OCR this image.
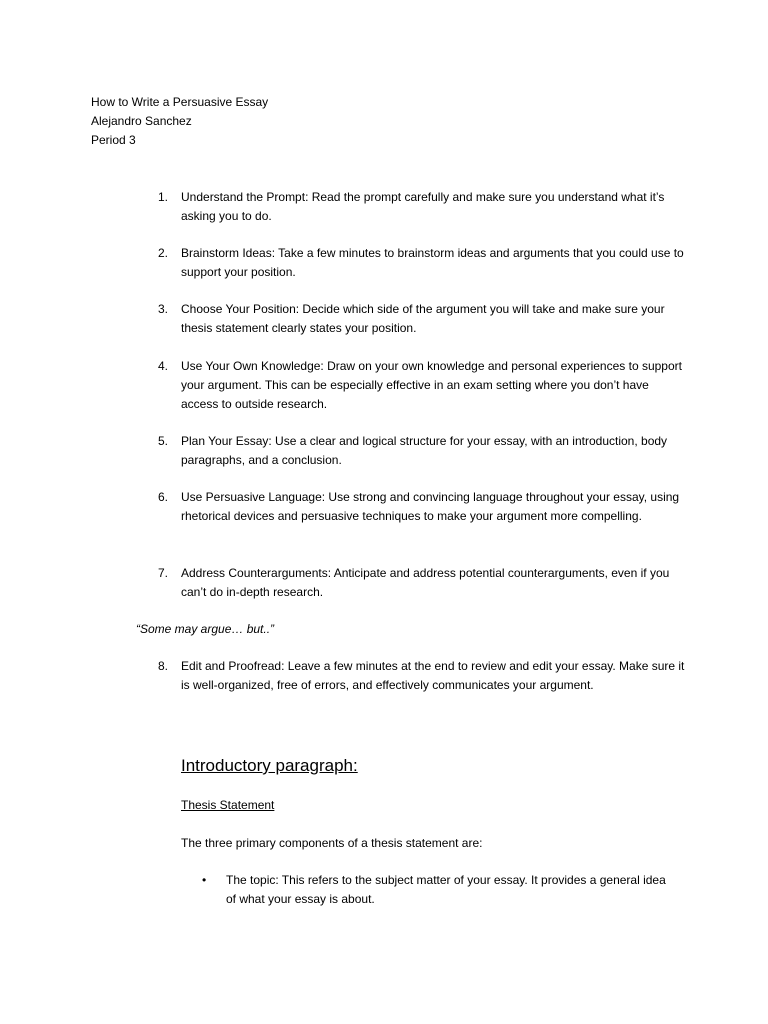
How to Write a Persuasive Essay
Alejandro Sanchez
Period 3
1.	Understand the Prompt: Read the prompt carefully and make sure you understand what it’s asking you to do.
2.	Brainstorm Ideas: Take a few minutes to brainstorm ideas and arguments that you could use to support your position.
3.	Choose Your Position: Decide which side of the argument you will take and make sure your thesis statement clearly states your position.
4.	Use Your Own Knowledge: Draw on your own knowledge and personal experiences to support your argument. This can be especially effective in an exam setting where you don’t have access to outside research.
5.	Plan Your Essay: Use a clear and logical structure for your essay, with an introduction, body paragraphs, and a conclusion.
6.	Use Persuasive Language: Use strong and convincing language throughout your essay, using rhetorical devices and persuasive techniques to make your argument more compelling.
7.	Address Counterarguments: Anticipate and address potential counterarguments, even if you can’t do in-depth research.
8.	Edit and Proofread: Leave a few minutes at the end to review and edit your essay. Make sure it is well-organized, free of errors, and effectively communicates your argument.
“Some may argue… but..”
Introductory paragraph:
Thesis Statement
The three primary components of a thesis statement are:
•	The topic: This refers to the subject matter of your essay. It provides a general idea of what your essay is about.
